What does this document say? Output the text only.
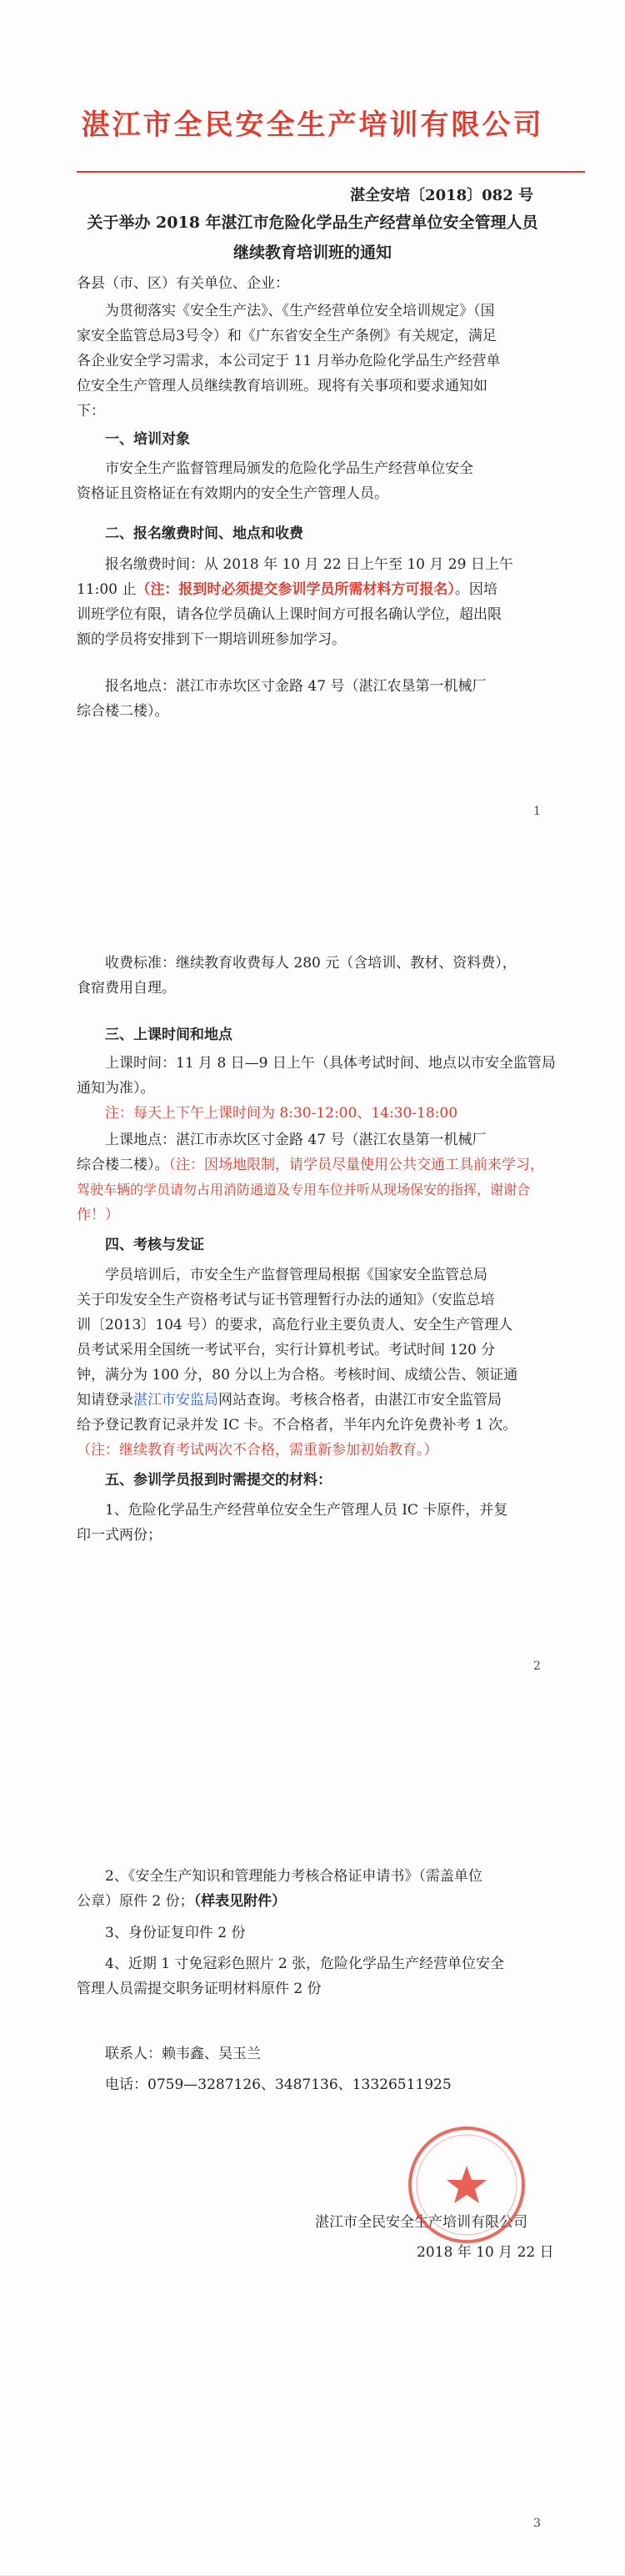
湛江市全民安全生产培训有限公司
湛全安培〔2018〕082 号
关于举办 2018 年湛江市危险化学品生产经营单位安全管理人员
继续教育培训班的通知
各县（市、区）有关单位、企业：
为贯彻落实《安全生产法》、《生产经营单位安全培训规定》（国
家安全监管总局3号令）和《广东省安全生产条例》有关规定，满足
各企业安全学习需求，本公司定于 11 月举办危险化学品生产经营单
位安全生产管理人员继续教育培训班。现将有关事项和要求通知如
下：
一、培训对象
市安全生产监督管理局颁发的危险化学品生产经营单位安全
资格证且资格证在有效期内的安全生产管理人员。
二、报名缴费时间、地点和收费
报名缴费时间：从 2018 年 10 月 22 日上午至 10 月 29 日上午
11:00 止（注：报到时必须提交参训学员所需材料方可报名）。因培
训班学位有限，请各位学员确认上课时间方可报名确认学位，超出限
额的学员将安排到下一期培训班参加学习。
报名地点：湛江市赤坎区寸金路 47 号（湛江农垦第一机械厂
综合楼二楼）。
1
收费标准：继续教育收费每人 280 元（含培训、教材、资料费），
食宿费用自理。
三、上课时间和地点
上课时间：11 月 8 日—9 日上午（具体考试时间、地点以市安全监管局
通知为准）。
注：每天上下午上课时间为 8:30-12:00、14:30-18:00
上课地点：湛江市赤坎区寸金路 47 号（湛江农垦第一机械厂
综合楼二楼）。（注：因场地限制，请学员尽量使用公共交通工具前来学习，
驾驶车辆的学员请勿占用消防通道及专用车位并听从现场保安的指挥，谢谢合
作！）
四、考核与发证
学员培训后，市安全生产监督管理局根据《国家安全监管总局
关于印发安全生产资格考试与证书管理暂行办法的通知》（安监总培
训〔2013〕104 号）的要求，高危行业主要负责人、安全生产管理人
员考试采用全国统一考试平台，实行计算机考试。考试时间 120 分
钟，满分为 100 分，80 分以上为合格。考核时间、成绩公告、领证通
知请登录湛江市安监局网站查询。考核合格者，由湛江市安全监管局
给予登记教育记录并发 IC 卡。不合格者，半年内允许免费补考 1 次。
（注：继续教育考试两次不合格，需重新参加初始教育。）
五、参训学员报到时需提交的材料：
1、危险化学品生产经营单位安全生产管理人员 IC 卡原件，并复
印一式两份；
2
2、《安全生产知识和管理能力考核合格证申请书》（需盖单位
公章）原件 2 份；（样表见附件）
3、身份证复印件 2 份
4、近期 1 寸免冠彩色照片 2 张，危险化学品生产经营单位安全
管理人员需提交职务证明材料原件 2 份
联系人：赖韦鑫、吴玉兰
电话：0759—3287126、3487136、13326511925
湛江市全民安全生产培训有限公司
2018 年 10 月 22 日
3
